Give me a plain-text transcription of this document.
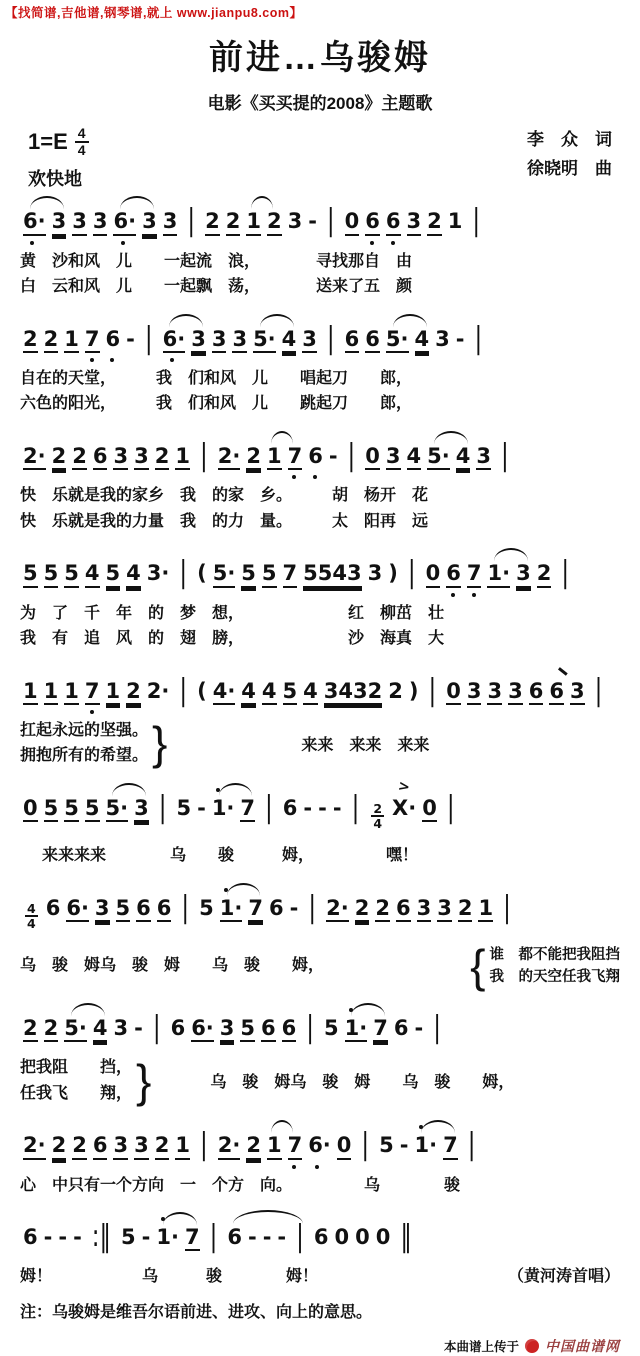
【找简谱,吉他谱,钢琴谱,就上 www.jianpu8.com】
前进…乌骏姆
电影《买买提的2008》主题歌
1=E 4
4
欢快地
李　众　词
徐晓明　曲
6· 3 3 3 6· 3 3 | 2 2 1 2 3 - | 0 6 6 3 2 1 |
黄　沙和风　儿　　一起流　浪，　　　　寻找那自　由
白　云和风　儿　　一起飘　荡，　　　　送来了五　颜
2 2 1 7 6 - | 6· 3 3 3 5· 4 3 | 6 6 5· 4 3 - |
自在的天堂，　　　我　们和风　儿　　唱起刀　　郎，
六色的阳光，　　　我　们和风　儿　　跳起刀　　郎，
2· 2 2 6 3 3 2 1 | 2· 2 1 7 6 - | 0 3 4 5· 4 3 |
快　乐就是我的家乡　我　的家　乡。　　　胡　杨开　花
快　乐就是我的力量　我　的力　量。　　　太　阳再　远
5 5 5 4 5 4 3· | ( 5· 5 5 7 5543 3 ) | 0 6 7 1· 3 2 |
为　了　千　年　的　梦　想，　　　　　　　红　柳茁　壮
我　有　追　风　的　翅　膀，　　　　　　　沙　海真　大
1 1 1 7 1 2 2· | ( 4· 4 4 5 4 3432 2 ) | 0 3 3 3 6 6 3 |
扛起永远的坚强。
拥抱所有的希望。 }	来来　来来　来来
0 5 5 5 5· 3 | 5 - 1· 7 | 6 - - - | $\frac{2}{4} > X\cdot 0$ |
来来来来　　　　乌　　骏　　　姆，　　　　　嘿！
$\frac{4}{4} 6$ 6· 3 5 6 6 | 5 1· 7 6 - | 2· 2 2 6 3 3 2 1 |
乌　骏　姆乌　骏　姆　　乌　骏　　姆，	{ 谁　都不能把我阻挡
我　的天空任我飞翔
2 2 5· 4 3 - | 6 6· 3 5 6 6 | 5 1· 7 6 - |
把我阻　　挡，
任我飞　　翔， }	乌　骏　姆乌　骏　姆　　乌　骏　　姆，
2· 2 2 6 3 3 2 1 | 2· 2 1 7 6· 0 | 5 - 1· 7 |
心　中只有一个方向　一　个方　向。　　　　　乌　　　　骏
6 - - - :‖ 5 - 1· 7 | 6 - - - | 6 0 0 0 ‖
姆！	乌　　　骏　　　　姆！	（黄河涛首唱）
注：乌骏姆是维吾尔语前进、进攻、向上的意思。
本曲谱上传于 中国曲谱网
